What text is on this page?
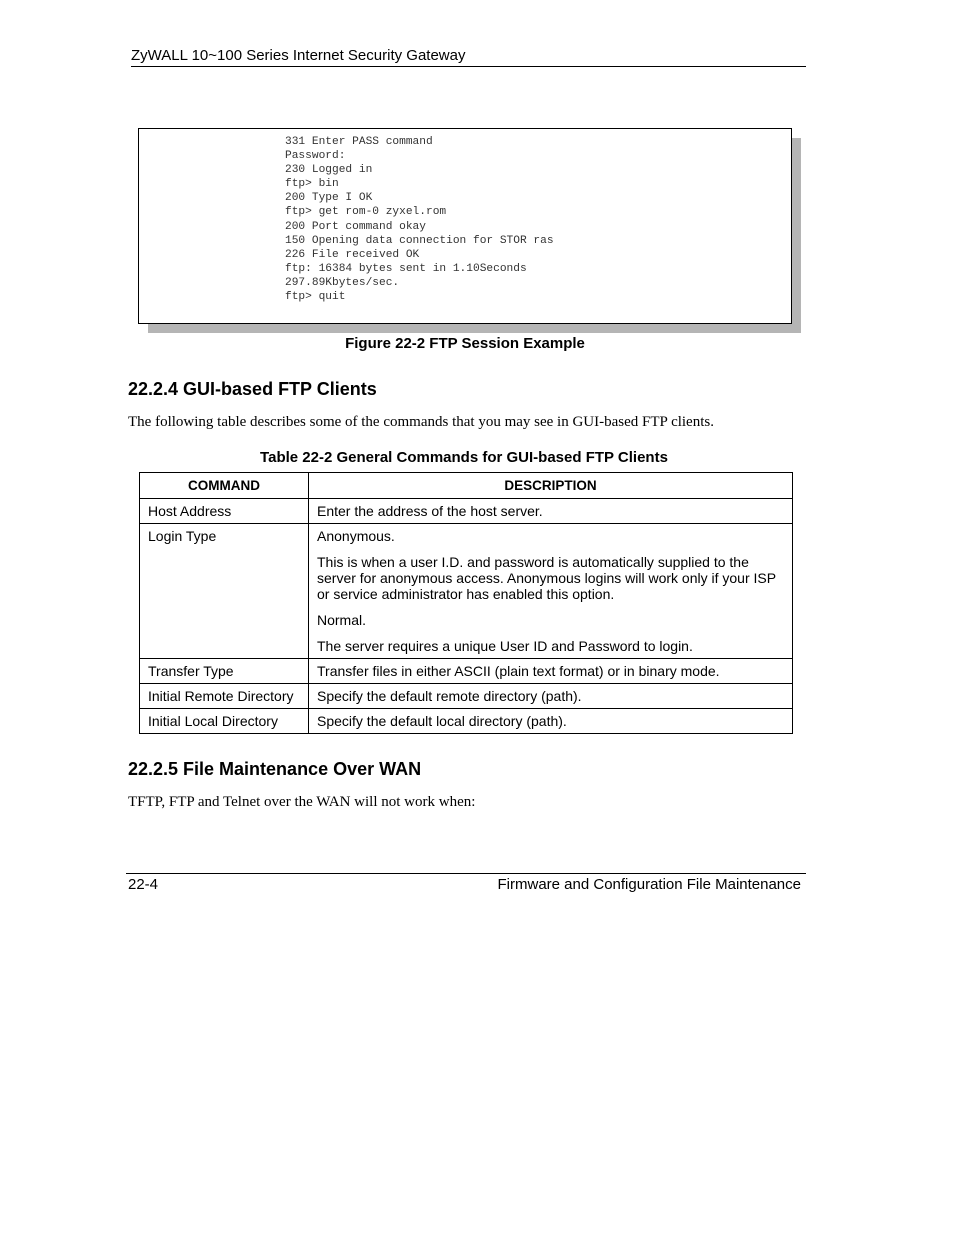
ZyWALL 10~100 Series Internet Security Gateway
331 Enter PASS command
Password:
230 Logged in
ftp> bin
200 Type I OK
ftp> get rom-0 zyxel.rom
200 Port command okay
150 Opening data connection for STOR ras
226 File received OK
ftp: 16384 bytes sent in 1.10Seconds
297.89Kbytes/sec.
ftp> quit
Figure 22-2 FTP Session Example
22.2.4 GUI-based FTP Clients
The following table describes some of the commands that you may see in GUI-based FTP clients.
Table 22-2 General Commands for GUI-based FTP Clients
COMMAND	DESCRIPTION
Host Address	Enter the address of the host server.

Login Type	Anonymous.

This is when a user I.D. and password is automatically supplied to the server for anonymous access. Anonymous logins will work only if your ISP or service administrator has enabled this option.

Normal.

The server requires a unique User ID and Password to login.

Transfer Type	Transfer files in either ASCII (plain text format) or in binary mode.

Initial Remote Directory	Specify the default remote directory (path).

Initial Local Directory	Specify the default local directory (path).

22.2.5 File Maintenance Over WAN
TFTP, FTP and Telnet over the WAN will not work when:
22-4	Firmware and Configuration File Maintenance
